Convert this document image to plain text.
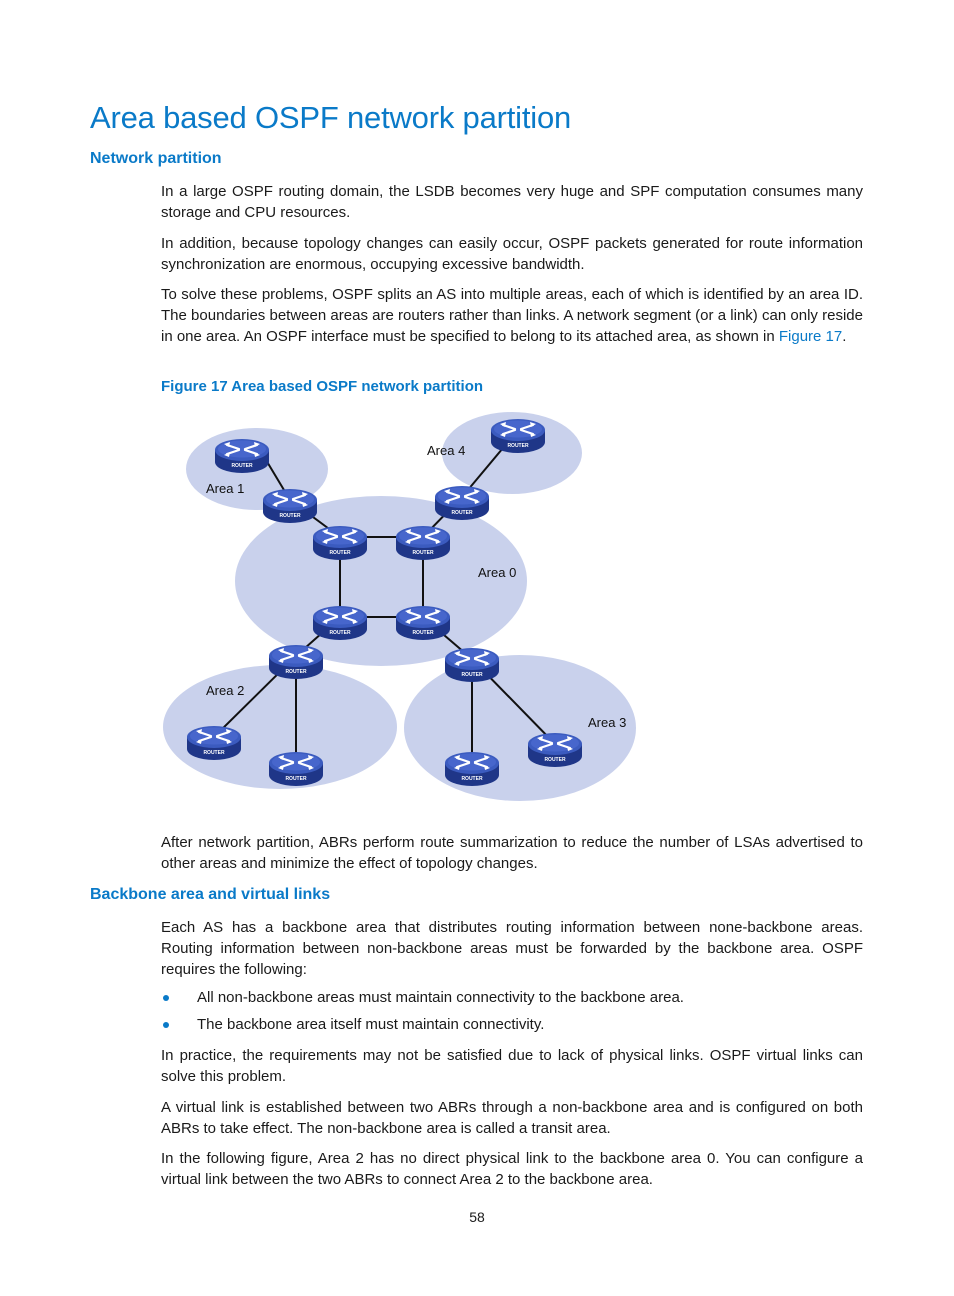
Area based OSPF network partition
Network partition

In a large OSPF routing domain, the LSDB becomes very huge and SPF computation consumes many storage and CPU resources.

In addition, because topology changes can easily occur, OSPF packets generated for route information synchronization are enormous, occupying excessive bandwidth.

To solve these problems, OSPF splits an AS into multiple areas, each of which is identified by an area ID. The boundaries between areas are routers rather than links. A network segment (or a link) can only reside in one area. An OSPF interface must be specified to belong to its attached area, as shown in Figure 17.

Figure 17 Area based OSPF network partition

ROUTER
ROUTER
ROUTER
ROUTER
ROUTER	ROUTER
ROUTER	ROUTER
ROUTER	ROUTER
ROUTER
ROUTER	ROUTER
ROUTER
Area 1
Area 4
Area 0
Area 2
Area 3

After network partition, ABRs perform route summarization to reduce the number of LSAs advertised to other areas and minimize the effect of topology changes.

Backbone area and virtual links

Each AS has a backbone area that distributes routing information between none-backbone areas. Routing information between non-backbone areas must be forwarded by the backbone area. OSPF requires the following:

All non-backbone areas must maintain connectivity to the backbone area.
The backbone area itself must maintain connectivity.

In practice, the requirements may not be satisfied due to lack of physical links. OSPF virtual links can solve this problem.

A virtual link is established between two ABRs through a non-backbone area and is configured on both ABRs to take effect. The non-backbone area is called a transit area.

In the following figure, Area 2 has no direct physical link to the backbone area 0. You can configure a virtual link between the two ABRs to connect Area 2 to the backbone area.

58
